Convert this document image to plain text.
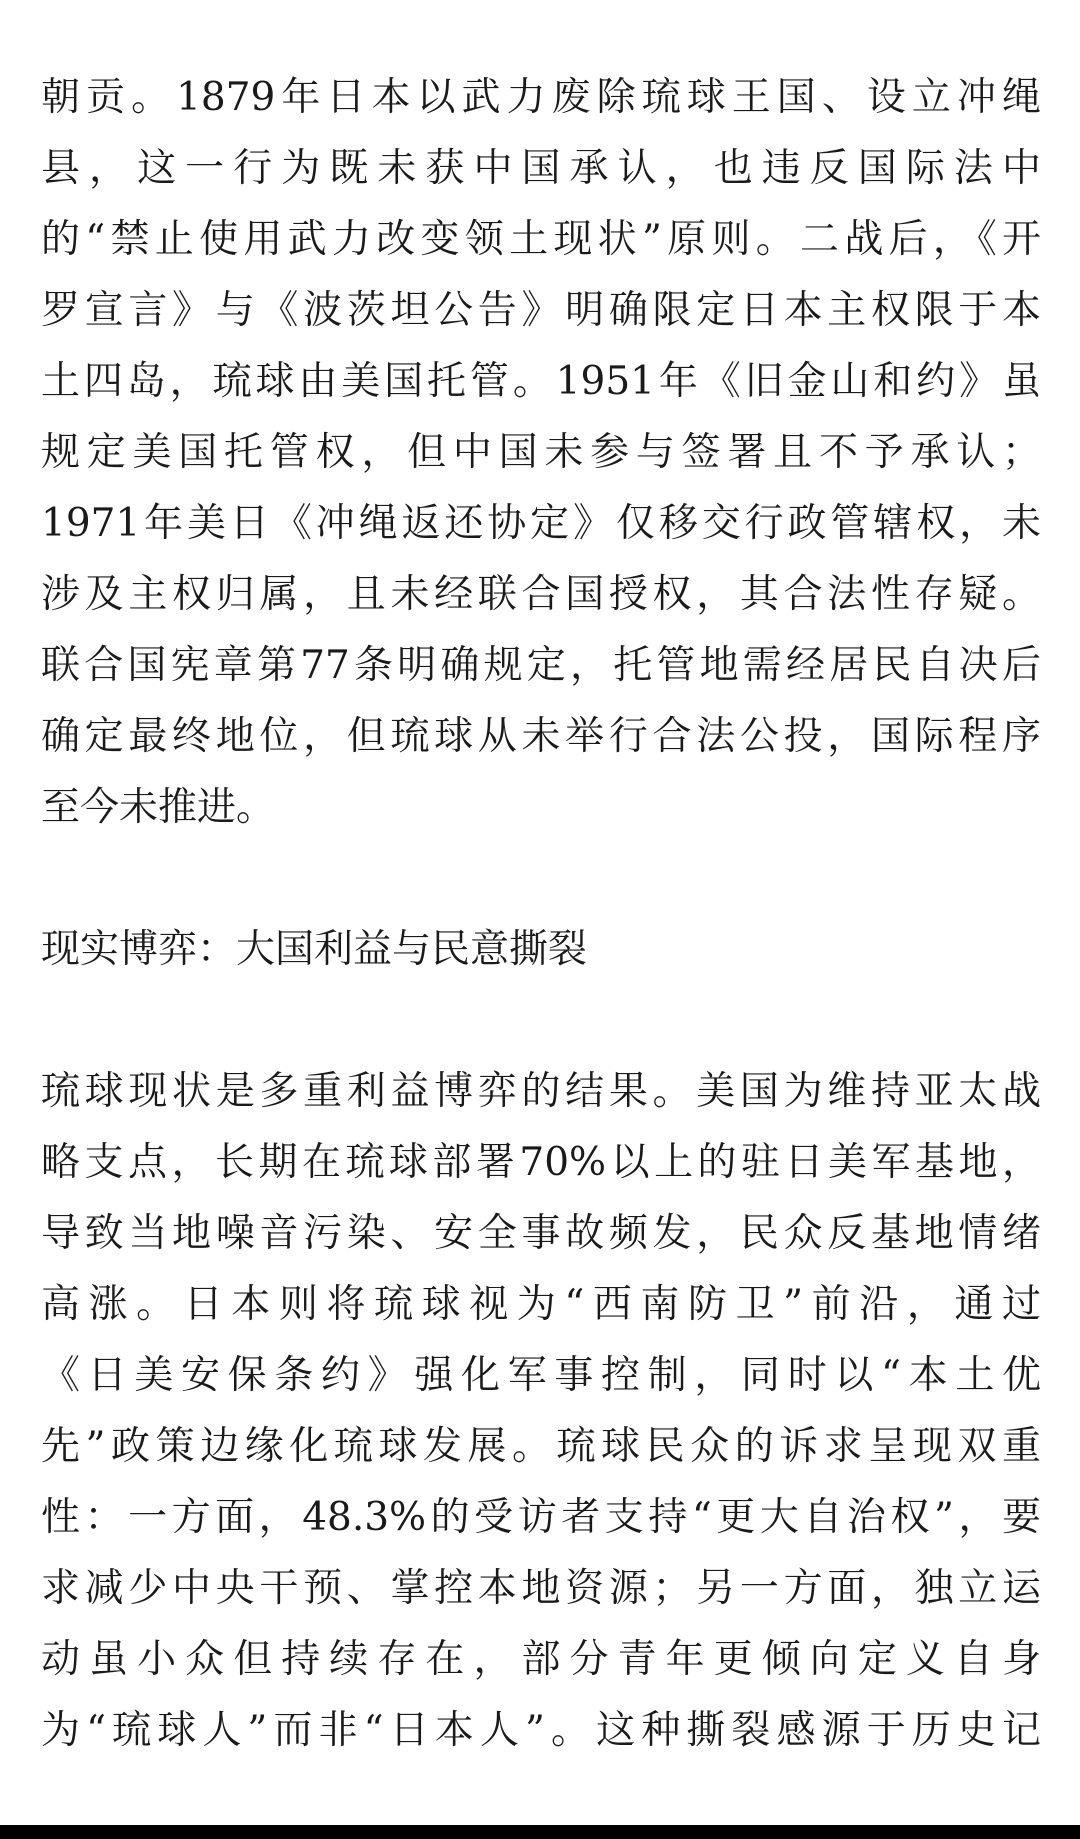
朝贡。1879年日本以武力废除琉球王国、设立冲绳
县，这一行为既未获中国承认，也违反国际法中
的“禁止使用武力改变领土现状”原则。二战后，《开
罗宣言》与《波茨坦公告》明确限定日本主权限于本
土四岛，琉球由美国托管。1951年《旧金山和约》虽
规定美国托管权，但中国未参与签署且不予承认；
1971年美日《冲绳返还协定》仅移交行政管辖权，未
涉及主权归属，且未经联合国授权，其合法性存疑。
联合国宪章第77条明确规定，托管地需经居民自决后
确定最终地位，但琉球从未举行合法公投，国际程序
至今未推进。
现实博弈：大国利益与民意撕裂
琉球现状是多重利益博弈的结果。美国为维持亚太战
略支点，长期在琉球部署70%以上的驻日美军基地，
导致当地噪音污染、安全事故频发，民众反基地情绪
高涨。日本则将琉球视为“西南防卫”前沿，通过
《日美安保条约》强化军事控制，同时以“本土优
先”政策边缘化琉球发展。琉球民众的诉求呈现双重
性：一方面，48.3%的受访者支持“更大自治权”，要
求减少中央干预、掌控本地资源；另一方面，独立运
动虽小众但持续存在，部分青年更倾向定义自身
为“琉球人”而非“日本人”。这种撕裂感源于历史记
